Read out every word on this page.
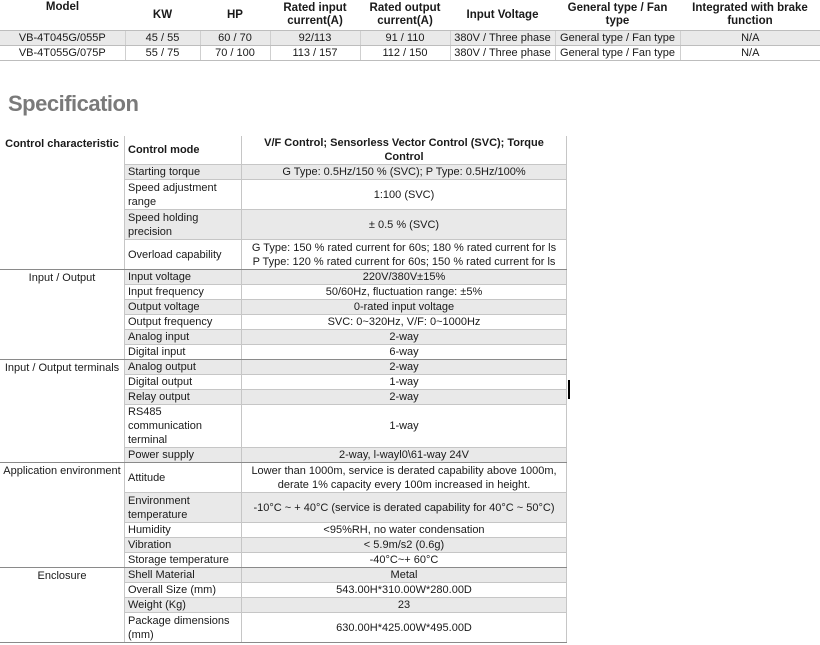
Model	KW	HP	Rated input current(A)	Rated output current(A)	Input Voltage	General type / Fan type	Integrated with brake function
VB-4T045G/055P	45 / 55	60 / 70	92/113	91 / 110	380V / Three phase	General type / Fan type	N/A
VB-4T055G/075P	55 / 75	70 / 100	113 / 157	112 / 150	380V / Three phase	General type / Fan type	N/A
Specification
Control characteristic	Control mode	V/F Control; Sensorless Vector Control (SVC); Torque Control
	Starting torque	G Type: 0.5Hz/150 % (SVC); P Type: 0.5Hz/100%
	Speed adjustment range	1:100 (SVC)
	Speed holding precision	± 0.5 % (SVC)
	Overload capability	G Type: 150 % rated current for 60s; 180 % rated current for ls
P Type: 120 % rated current for 60s; 150 % rated current for ls
Input / Output	Input voltage	220V/380V±15%
	Input frequency	50/60Hz, fluctuation range: ±5%
	Output voltage	0-rated input voltage
	Output frequency	SVC: 0~320Hz, V/F: 0~1000Hz
	Analog input	2-way
	Digital input	6-way
Input / Output terminals	Analog output	2-way
	Digital output	1-way
	Relay output	2-way
	RS485 communication terminal	1-way
	Power supply	2-way, l-wayl0\61-way 24V
Application environment	Attitude	Lower than 1000m, service is derated capability above 1000m,
derate 1% capacity every 100m increased in height.
	Environment temperature	-10°C ~ + 40°C (service is derated capability for 40°C ~ 50°C)
	Humidity	<95%RH, no water condensation
	Vibration	< 5.9m/s2 (0.6g)
	Storage temperature	-40°C~+ 60°C
Enclosure	Shell Material	Metal
	Overall Size (mm)	543.00H*310.00W*280.00D
	Weight (Kg)	23
	Package dimensions (mm)	630.00H*425.00W*495.00D
